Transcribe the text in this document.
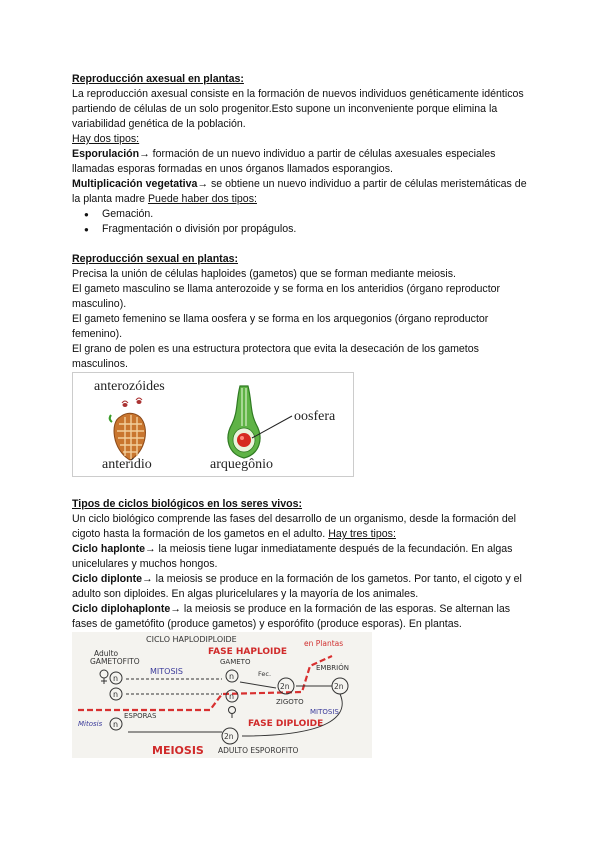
Reproducción axesual en plantas:

La reproducción axesual consiste en la formación de nuevos individuos genéticamente idénticos partiendo de células de un solo progenitor.Esto supone un inconveniente porque elimina la variabilidad genética de la población.

Hay dos tipos:

Esporulación→ formación de un nuevo individuo a partir de células axesuales especiales llamadas esporas formadas en unos órganos llamados esporangios.

Multiplicación vegetativa→ se obtiene un nuevo individuo a partir de células meristemáticas de la planta madre Puede haber dos tipos:

● Gemación.
● Fragmentación o división por propágulos.

Reproducción sexual en plantas:

Precisa la unión de células haploides (gametos) que se forman mediante meiosis.

El gameto masculino se llama anterozoide y se forma en los anteridios (órgano reproductor masculino).

El gameto femenino se llama oosfera y se forma en los arquegonios (órgano reproductor femenino).

El grano de polen es una estructura protectora que evita la desecación de los gametos masculinos.

anterozóides
anterídio
oosfera
arquegônio

Tipos de ciclos biológicos en los seres vivos:

Un ciclo biológico comprende las fases del desarrollo de un organismo, desde la formación del cigoto hasta la formación de los gametos en el adulto. Hay tres tipos:

Ciclo haplonte→ la meiosis tiene lugar inmediatamente después de la fecundación. En algas unicelulares y muchos hongos.

Ciclo diplonte→ la meiosis se produce en la formación de los gametos. Por tanto, el cigoto y el adulto son diploides. En algas pluricelulares y la mayoría de los animales.

Ciclo diplohaplonte→ la meiosis se produce en la formación de las esporas. Se alternan las fases de gametófito (produce gametos) y esporófito (produce esporas). En plantas.

CICLO HAPLODIPLOIDE	en Plantas
FASE HAPLOIDE
Adulto
GAMETOFITO	GAMETO
EMBRIÓN
n
MITOSIS
n	Fec.
2n	2n
n	n
ZIGOTO
ESPORAS
Mitosis n	FASE DIPLOIDE
MITOSIS
2n
MEIOSIS ADULTO ESPOROFITO
